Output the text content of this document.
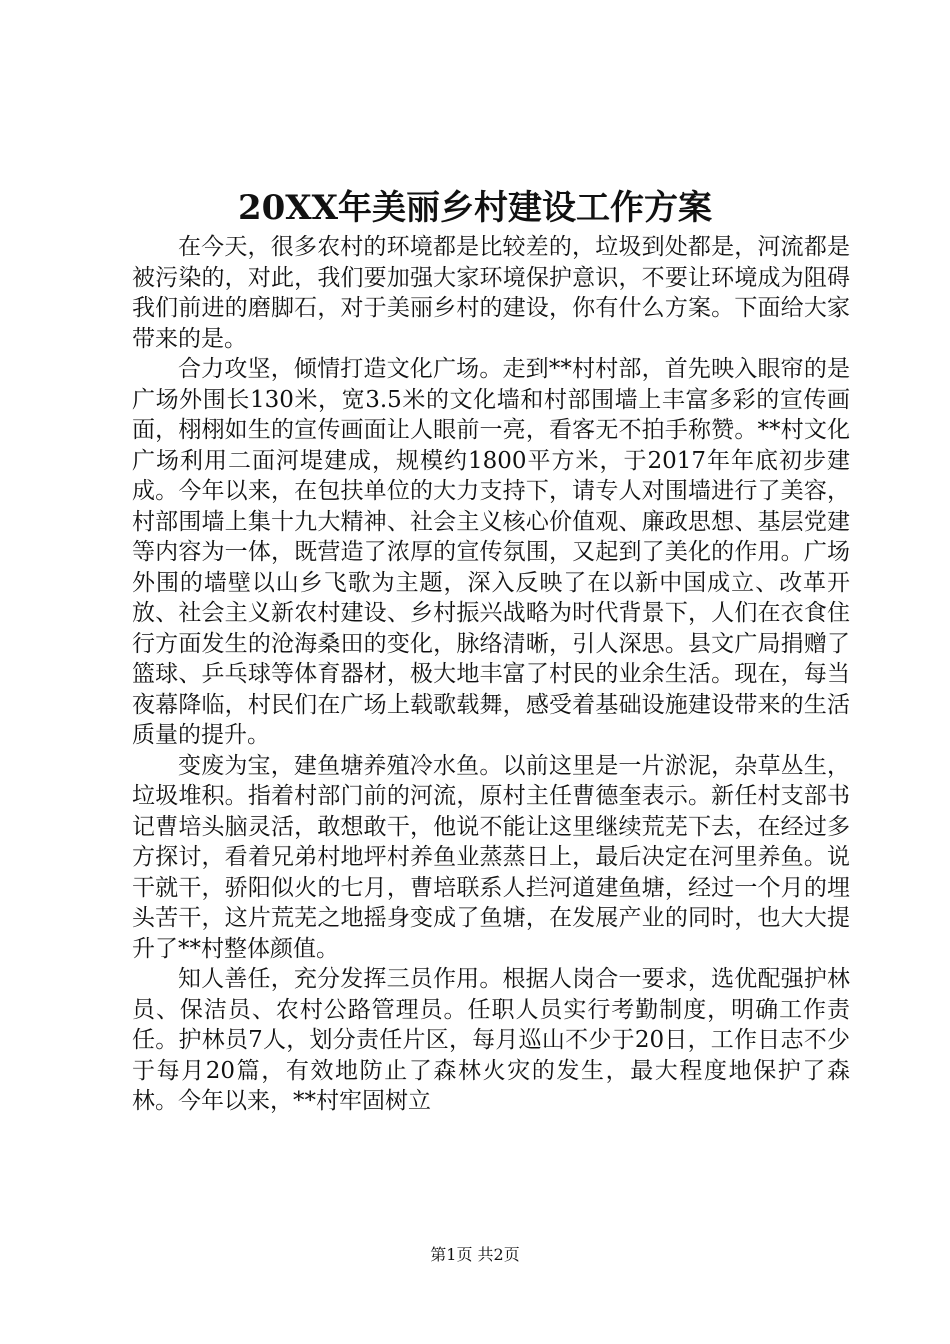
20XX年美丽乡村建设工作方案

在今天，很多农村的环境都是比较差的，垃圾到处都是，河流都是被污染的，对此，我们要加强大家环境保护意识，不要让环境成为阻碍我们前进的磨脚石，对于美丽乡村的建设，你有什么方案。下面给大家带来的是。

合力攻坚，倾情打造文化广场。走到**村村部，首先映入眼帘的是广场外围长130米，宽3.5米的文化墙和村部围墙上丰富多彩的宣传画面，栩栩如生的宣传画面让人眼前一亮，看客无不拍手称赞。**村文化广场利用二面河堤建成，规模约1800平方米，于2017年年底初步建成。今年以来，在包扶单位的大力支持下，请专人对围墙进行了美容，村部围墙上集十九大精神、社会主义核心价值观、廉政思想、基层党建等内容为一体，既营造了浓厚的宣传氛围，又起到了美化的作用。广场外围的墙壁以山乡飞歌为主题，深入反映了在以新中国成立、改革开放、社会主义新农村建设、乡村振兴战略为时代背景下，人们在衣食住行方面发生的沧海桑田的变化，脉络清晰，引人深思。县文广局捐赠了篮球、乒乓球等体育器材，极大地丰富了村民的业余生活。现在，每当夜幕降临，村民们在广场上载歌载舞，感受着基础设施建设带来的生活质量的提升。

变废为宝，建鱼塘养殖冷水鱼。以前这里是一片淤泥，杂草丛生，垃圾堆积。指着村部门前的河流，原村主任曹德奎表示。新任村支部书记曹培头脑灵活，敢想敢干，他说不能让这里继续荒芜下去，在经过多方探讨，看着兄弟村地坪村养鱼业蒸蒸日上，最后决定在河里养鱼。说干就干，骄阳似火的七月，曹培联系人拦河道建鱼塘，经过一个月的埋头苦干，这片荒芜之地摇身变成了鱼塘，在发展产业的同时，也大大提升了**村整体颜值。

知人善任，充分发挥三员作用。根据人岗合一要求，选优配强护林员、保洁员、农村公路管理员。任职人员实行考勤制度，明确工作责任。护林员7人，划分责任片区，每月巡山不少于20日，工作日志不少于每月20篇，有效地防止了森林火灾的发生，最大程度地保护了森林。今年以来，**村牢固树立

第1页 共2页
